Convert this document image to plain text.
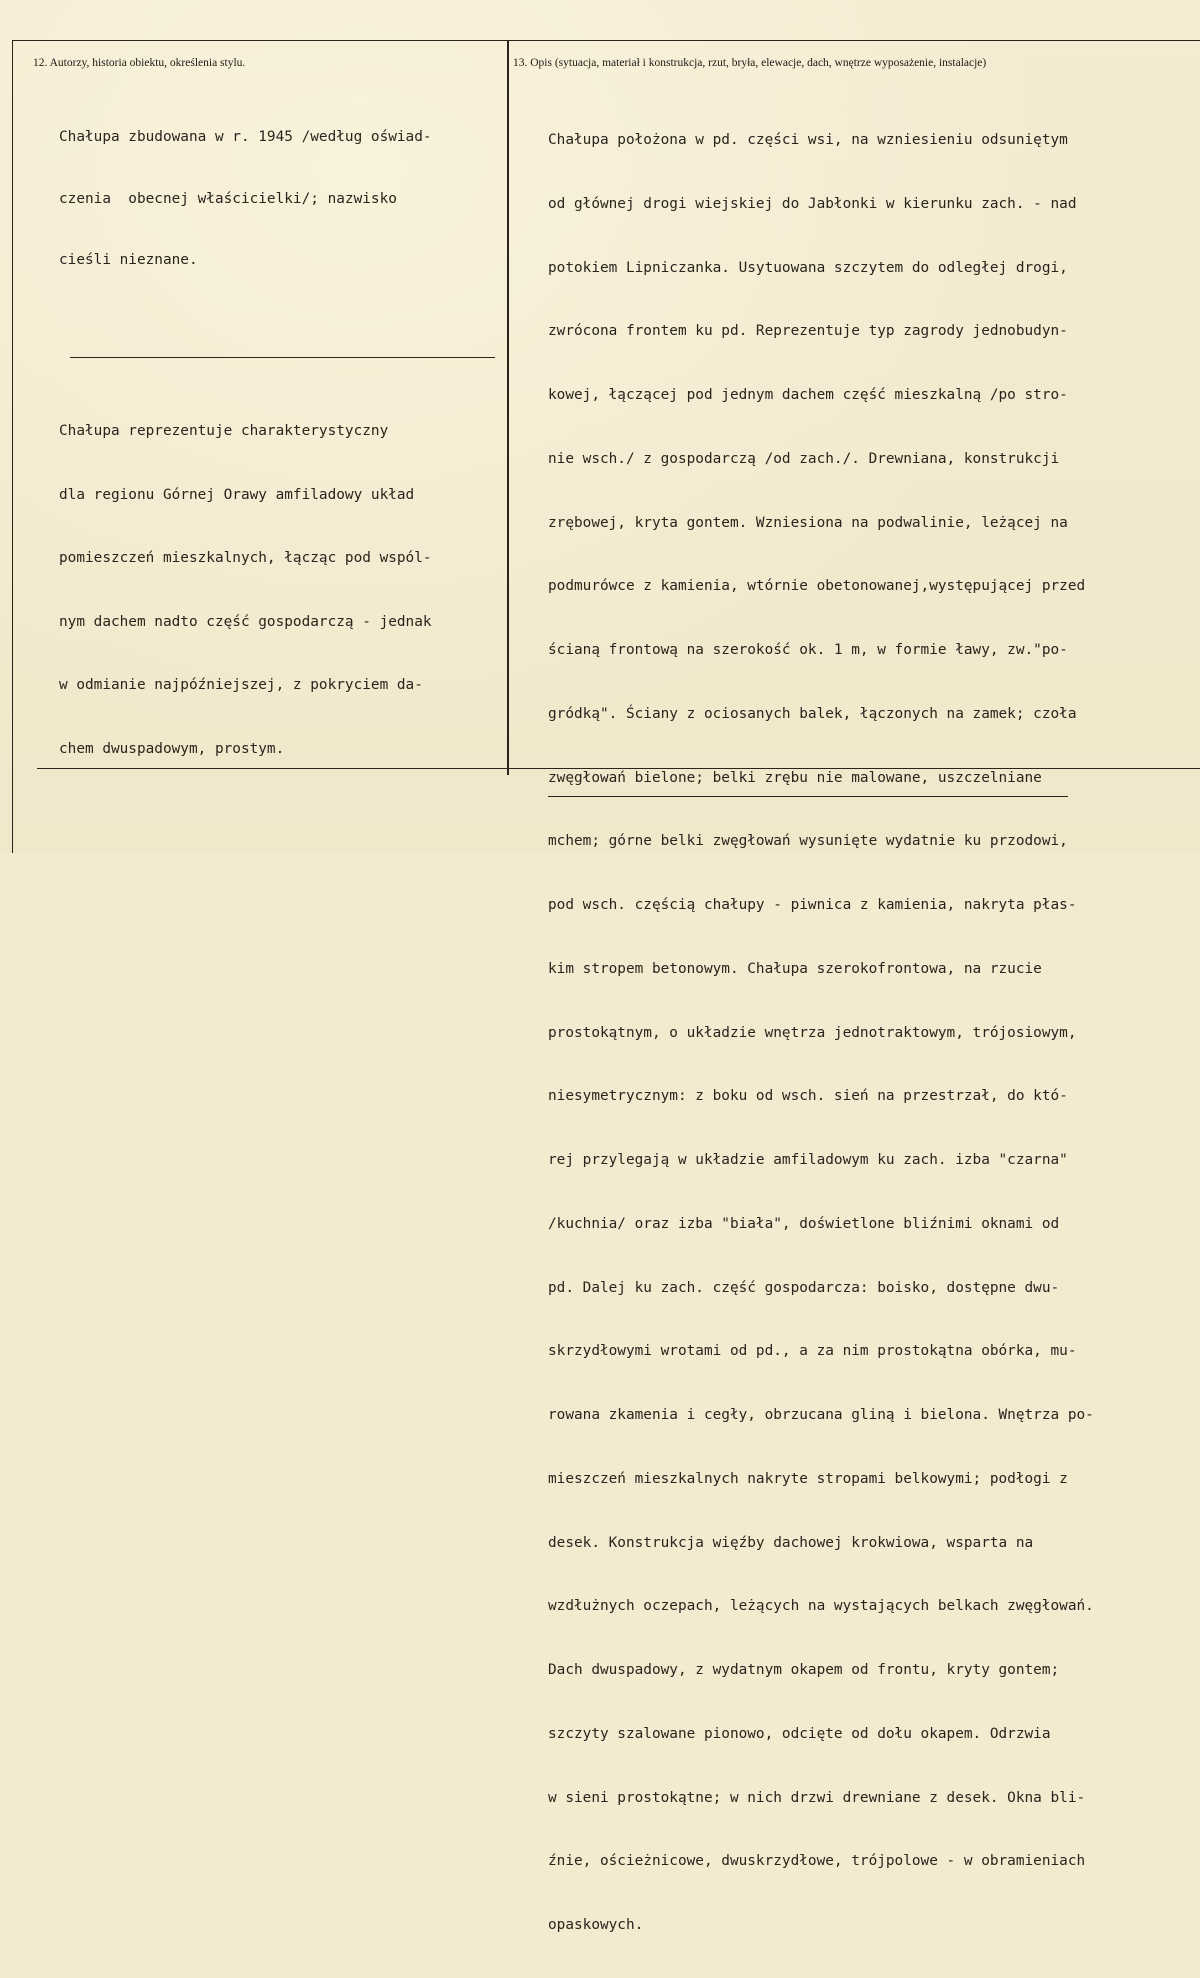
12. Autorzy, historia obiektu, określenia stylu.	13. Opis (sytuacja, materiał i konstrukcja, rzut, bryła, elewacje, dach, wnętrze wyposażenie, instalacje)

Chałupa zbudowana w r. 1945 /według oświad-

czenia  obecnej właścicielki/; nazwisko

cieśli nieznane.

Chałupa reprezentuje charakterystyczny

dla regionu Górnej Orawy amfiladowy układ

pomieszczeń mieszkalnych, łącząc pod wspól-

nym dachem nadto część gospodarczą - jednak

w odmianie najpóźniejszej, z pokryciem da-

chem dwuspadowym, prostym.

Chałupa położona w pd. części wsi, na wzniesieniu odsuniętym

od głównej drogi wiejskiej do Jabłonki w kierunku zach. - nad

potokiem Lipniczanka. Usytuowana szczytem do odległej drogi,

zwrócona frontem ku pd. Reprezentuje typ zagrody jednobudyn-

kowej, łączącej pod jednym dachem część mieszkalną /po stro-

nie wsch./ z gospodarczą /od zach./. Drewniana, konstrukcji

zrębowej, kryta gontem. Wzniesiona na podwalinie, leżącej na

podmurówce z kamienia, wtórnie obetonowanej,występującej przed

ścianą frontową na szerokość ok. 1 m, w formie ławy, zw."po-

gródką". Ściany z ociosanych balek, łączonych na zamek; czoła

zwęgłowań bielone; belki zrębu nie malowane, uszczelniane

mchem; górne belki zwęgłowań wysunięte wydatnie ku przodowi,

pod wsch. częścią chałupy - piwnica z kamienia, nakryta płas-

kim stropem betonowym. Chałupa szerokofrontowa, na rzucie

prostokątnym, o układzie wnętrza jednotraktowym, trójosiowym,

niesymetrycznym: z boku od wsch. sień na przestrzał, do któ-

rej przylegają w układzie amfiladowym ku zach. izba "czarna"

/kuchnia/ oraz izba "biała", doświetlone bliźnimi oknami od

pd. Dalej ku zach. część gospodarcza: boisko, dostępne dwu-

skrzydłowymi wrotami od pd., a za nim prostokątna obórka, mu-

rowana zkamenia i cegły, obrzucana gliną i bielona. Wnętrza po-

mieszczeń mieszkalnych nakryte stropami belkowymi; podłogi z

desek. Konstrukcja więźby dachowej krokwiowa, wsparta na

wzdłużnych oczepach, leżących na wystających belkach zwęgłowań.

Dach dwuspadowy, z wydatnym okapem od frontu, kryty gontem;

szczyty szalowane pionowo, odcięte od dołu okapem. Odrzwia

w sieni prostokątne; w nich drzwi drewniane z desek. Okna bli-

źnie, ościeżnicowe, dwuskrzydłowe, trójpolowe - w obramieniach

opaskowych.
